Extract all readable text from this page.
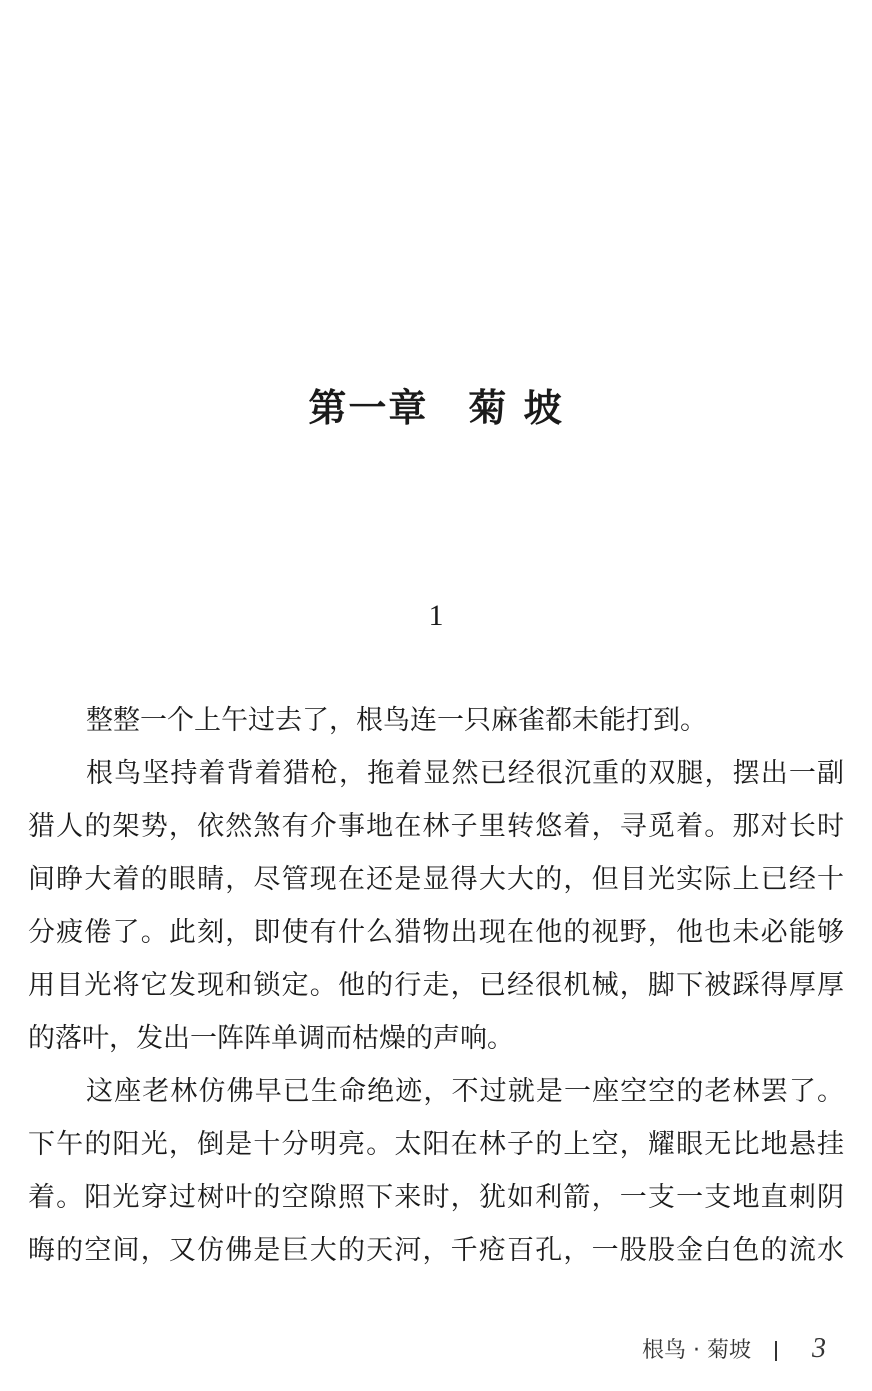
第一章　菊 坡
1
整整一个上午过去了，根鸟连一只麻雀都未能打到。
根鸟坚持着背着猎枪，拖着显然已经很沉重的双腿，摆出一副
猎人的架势，依然煞有介事地在林子里转悠着，寻觅着。那对长时
间睁大着的眼睛，尽管现在还是显得大大的，但目光实际上已经十
分疲倦了。此刻，即使有什么猎物出现在他的视野，他也未必能够
用目光将它发现和锁定。他的行走，已经很机械，脚下被踩得厚厚
的落叶，发出一阵阵单调而枯燥的声响。
这座老林仿佛早已生命绝迹，不过就是一座空空的老林罢了。
下午的阳光，倒是十分明亮。太阳在林子的上空，耀眼无比地悬挂
着。阳光穿过树叶的空隙照下来时，犹如利箭，一支一支地直刺阴
晦的空间，又仿佛是巨大的天河，千疮百孔，一股股金白色的流水
根鸟 · 菊坡 3
